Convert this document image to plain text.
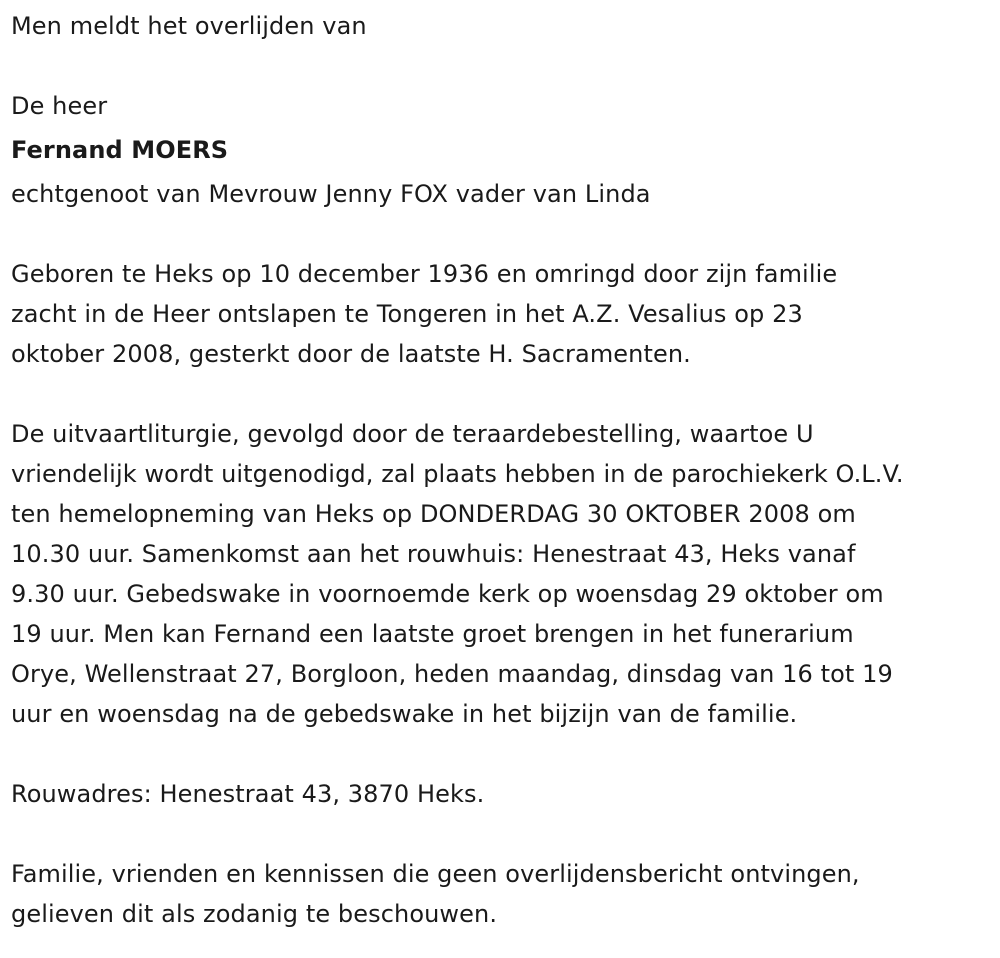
Men meldt het overlijden van

De heer

Fernand MOERS

echtgenoot van Mevrouw Jenny FOX vader van Linda

Geboren te Heks op 10 december 1936 en omringd door zijn familie

zacht in de Heer ontslapen te Tongeren in het A.Z. Vesalius op 23

oktober 2008, gesterkt door de laatste H. Sacramenten.

De uitvaartliturgie, gevolgd door de teraardebestelling, waartoe U

vriendelijk wordt uitgenodigd, zal plaats hebben in de parochiekerk O.L.V.

ten hemelopneming van Heks op DONDERDAG 30 OKTOBER 2008 om

10.30 uur. Samenkomst aan het rouwhuis: Henestraat 43, Heks vanaf

9.30 uur. Gebedswake in voornoemde kerk op woensdag 29 oktober om

19 uur. Men kan Fernand een laatste groet brengen in het funerarium

Orye, Wellenstraat 27, Borgloon, heden maandag, dinsdag van 16 tot 19

uur en woensdag na de gebedswake in het bijzijn van de familie.

Rouwadres: Henestraat 43, 3870 Heks.

Familie, vrienden en kennissen die geen overlijdensbericht ontvingen,

gelieven dit als zodanig te beschouwen.
